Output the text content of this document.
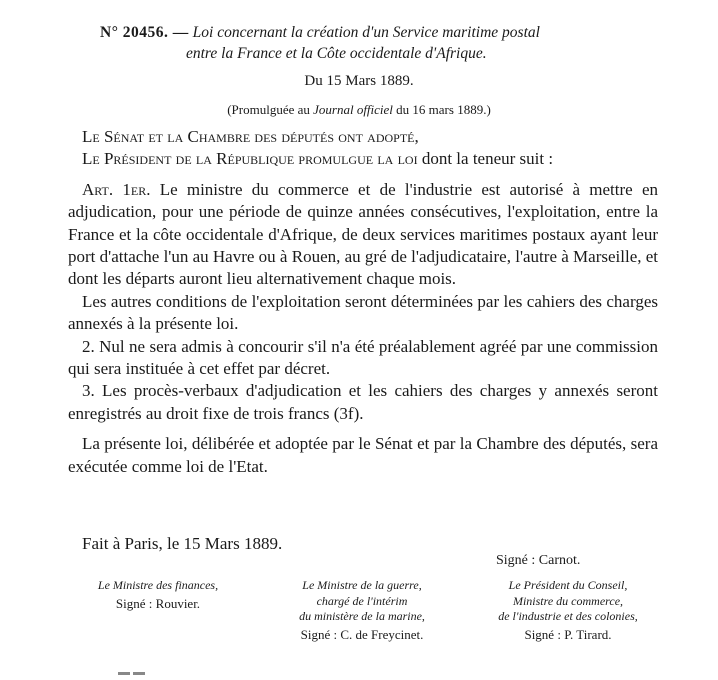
N° 20456. — Loi concernant la création d'un Service maritime postal
entre la France et la Côte occidentale d'Afrique.
Du 15 Mars 1889.
(Promulguée au Journal officiel du 16 mars 1889.)

Le Sénat et la Chambre des députés ont adopté,

Le Président de la République promulgue la loi dont la teneur suit :

Art. 1er. Le ministre du commerce et de l'industrie est autorisé à mettre en adjudication, pour une période de quinze années consécutives, l'exploitation, entre la France et la côte occidentale d'Afrique, de deux services maritimes postaux ayant leur port d'attache l'un au Havre ou à Rouen, au gré de l'adjudicataire, l'autre à Marseille, et dont les départs auront lieu alternativement chaque mois.

Les autres conditions de l'exploitation seront déterminées par les cahiers des charges annexés à la présente loi.

2. Nul ne sera admis à concourir s'il n'a été préalablement agréé par une commission qui sera instituée à cet effet par décret.

3. Les procès-verbaux d'adjudication et les cahiers des charges y annexés seront enregistrés au droit fixe de trois francs (3f).

La présente loi, délibérée et adoptée par le Sénat et par la Chambre des députés, sera exécutée comme loi de l'Etat.

Fait à Paris, le 15 Mars 1889.
Signé : Carnot.
Le Ministre des finances,
Signé : Rouvier.
Le Ministre de la guerre,
chargé de l'intérim
du ministère de la marine,
Signé : C. de Freycinet.
Le Président du Conseil,
Ministre du commerce,
de l'industrie et des colonies,
Signé : P. Tirard.
